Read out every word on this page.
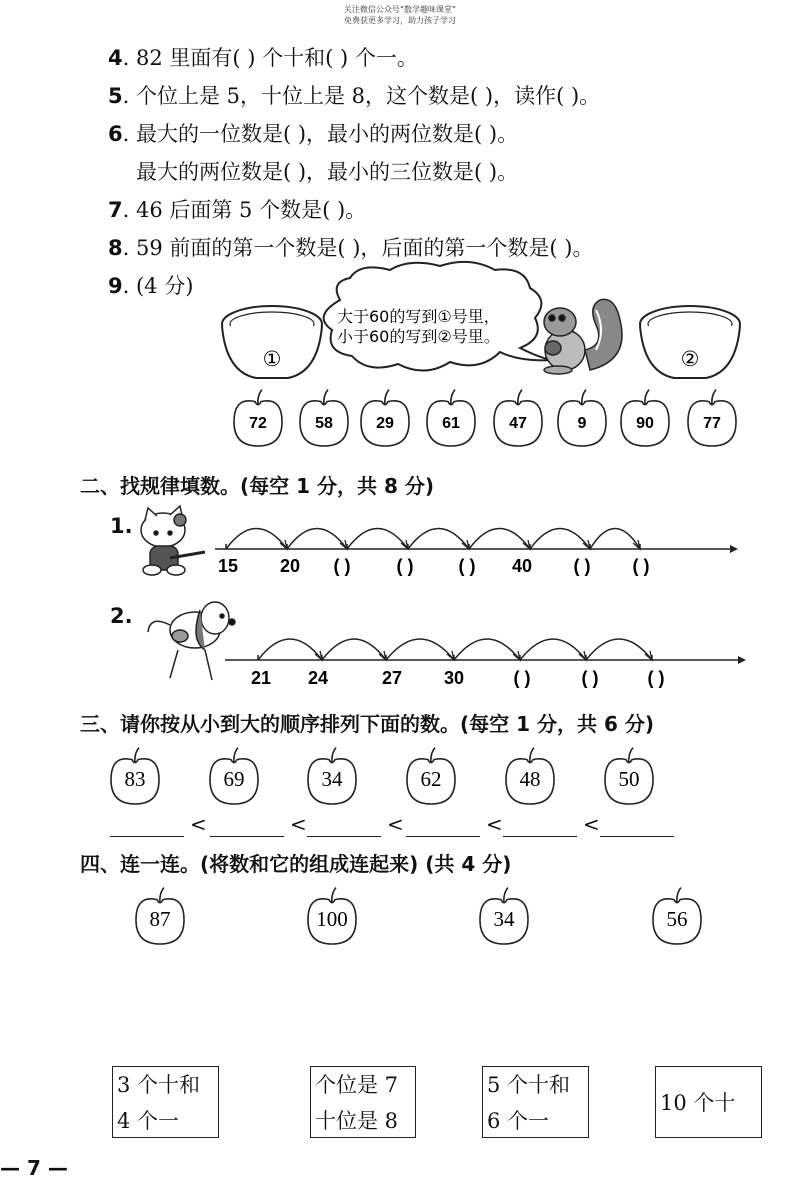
关注微信公众号“数学趣味课堂”
免费获更多学习，助力孩子学习
4. 82 里面有( ) 个十和( ) 个一。
5. 个位上是 5，十位上是 8，这个数是( )，读作( )。
6. 最大的一位数是( )，最小的两位数是( )。
最大的两位数是( )，最小的三位数是( )。
7. 46 后面第 5 个数是( )。
8. 59 前面的第一个数是( )，后面的第一个数是( )。
9. (4 分)
①	②
大于60的写到①号里，
小于60的写到②号里。
72	58	29	61	47	9	90	77
二、找规律填数。(每空 1 分，共 8 分)
1.
2.
15 20 ( )	( )	( ) 40 ( ) ( )
21 24	27 30	( )	( )	( )
三、请你按从小到大的顺序排列下面的数。(每空 1 分，共 6 分)
83	69	34	62	48	50
<	<	<	<	<
四、连一连。(将数和它的组成连起来) (共 4 分)
87	100	34	56
3 个十和
4 个一
个位是 7
十位是 8
5 个十和
6 个一
10 个十
— 7 —
